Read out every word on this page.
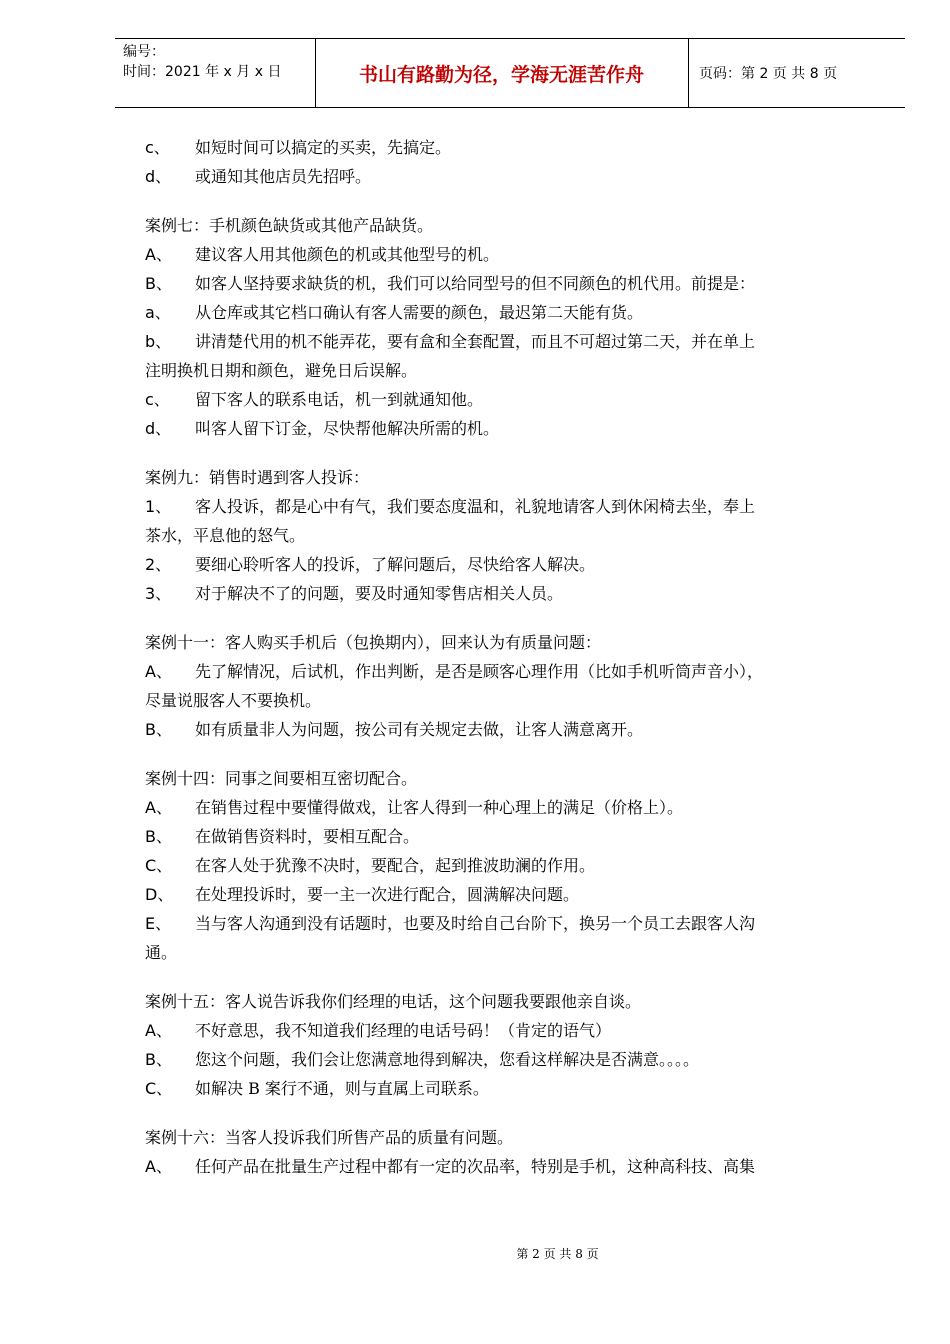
编号：
时间：2021 年 x 月 x 日	书山有路勤为径，学海无涯苦作舟	页码：第 2 页 共 8 页
c、	如短时间可以搞定的买卖，先搞定。
d、	或通知其他店员先招呼。
案例七：手机颜色缺货或其他产品缺货。
A、	建议客人用其他颜色的机或其他型号的机。
B、	如客人坚持要求缺货的机，我们可以给同型号的但不同颜色的机代用。前提是：
a、	从仓库或其它档口确认有客人需要的颜色，最迟第二天能有货。
b、	讲清楚代用的机不能弄花，要有盒和全套配置，而且不可超过第二天，并在单上
注明换机日期和颜色，避免日后误解。
c、	留下客人的联系电话，机一到就通知他。
d、	叫客人留下订金，尽快帮他解决所需的机。
案例九：销售时遇到客人投诉：
1、	客人投诉，都是心中有气，我们要态度温和，礼貌地请客人到休闲椅去坐，奉上
茶水，平息他的怒气。
2、	要细心聆听客人的投诉，了解问题后，尽快给客人解决。
3、	对于解决不了的问题，要及时通知零售店相关人员。
案例十一：客人购买手机后（包换期内），回来认为有质量问题：
A、	先了解情况，后试机，作出判断，是否是顾客心理作用（比如手机听筒声音小），
尽量说服客人不要换机。
B、	如有质量非人为问题，按公司有关规定去做，让客人满意离开。
案例十四：同事之间要相互密切配合。
A、	在销售过程中要懂得做戏，让客人得到一种心理上的满足（价格上）。
B、	在做销售资料时，要相互配合。
C、	在客人处于犹豫不决时，要配合，起到推波助澜的作用。
D、	在处理投诉时，要一主一次进行配合，圆满解决问题。
E、	当与客人沟通到没有话题时，也要及时给自己台阶下，换另一个员工去跟客人沟
通。
案例十五：客人说告诉我你们经理的电话，这个问题我要跟他亲自谈。
A、	不好意思，我不知道我们经理的电话号码！（肯定的语气）
B、	您这个问题，我们会让您满意地得到解决，您看这样解决是否满意。。。。
C、	如解决 B 案行不通，则与直属上司联系。
案例十六：当客人投诉我们所售产品的质量有问题。
A、	任何产品在批量生产过程中都有一定的次品率，特别是手机，这种高科技、高集
第 2 页 共 8 页
